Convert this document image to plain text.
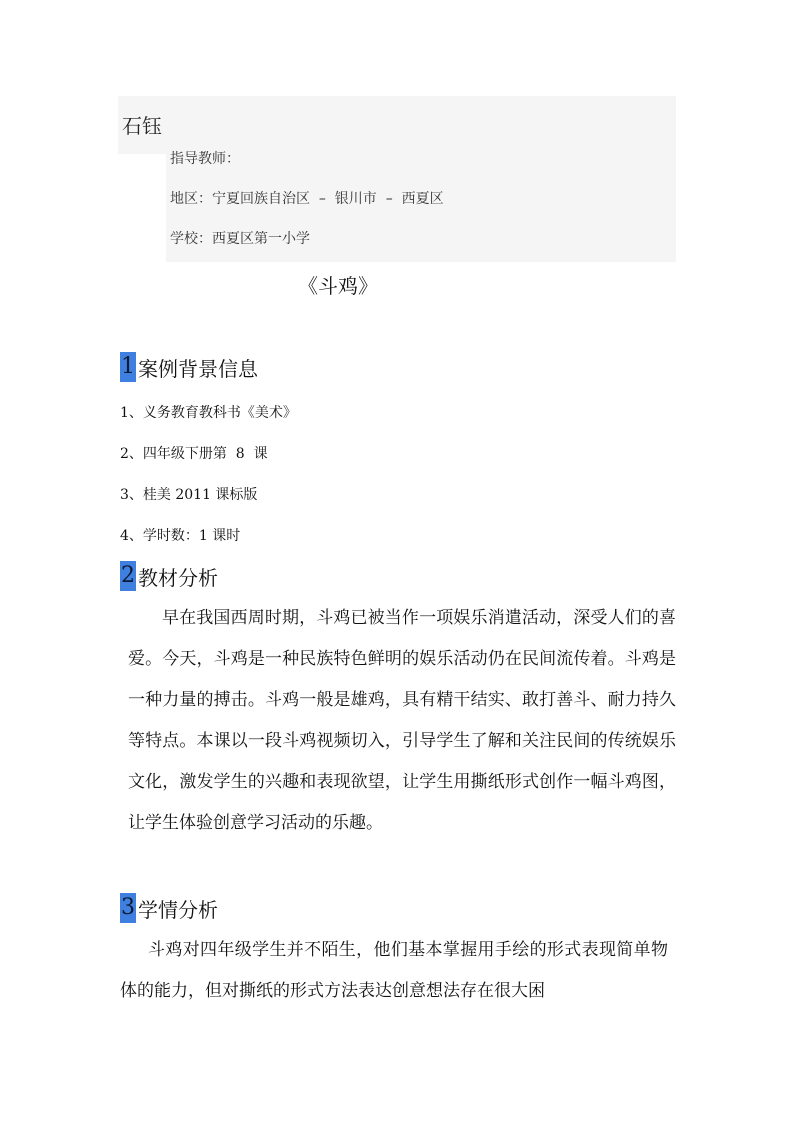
石钰
指导教师：
地区：宁夏回族自治区  –  银川市  –  西夏区
学校：西夏区第一小学
《斗鸡》
1 案例背景信息
1、义务教育教科书《美术》
2、四年级下册第  8  课
3、桂美 2011 课标版
4、学时数：1 课时
2 教材分析
早在我国西周时期，斗鸡已被当作一项娱乐消遣活动，深受人们的喜爱。今天，斗鸡是一种民族特色鲜明的娱乐活动仍在民间流传着。斗鸡是一种力量的搏击。斗鸡一般是雄鸡，具有精干结实、敢打善斗、耐力持久等特点。本课以一段斗鸡视频切入，引导学生了解和关注民间的传统娱乐文化，激发学生的兴趣和表现欲望，让学生用撕纸形式创作一幅斗鸡图，让学生体验创意学习活动的乐趣。
3 学情分析
斗鸡对四年级学生并不陌生，他们基本掌握用手绘的形式表现简单物体的能力，但对撕纸的形式方法表达创意想法存在很大困
